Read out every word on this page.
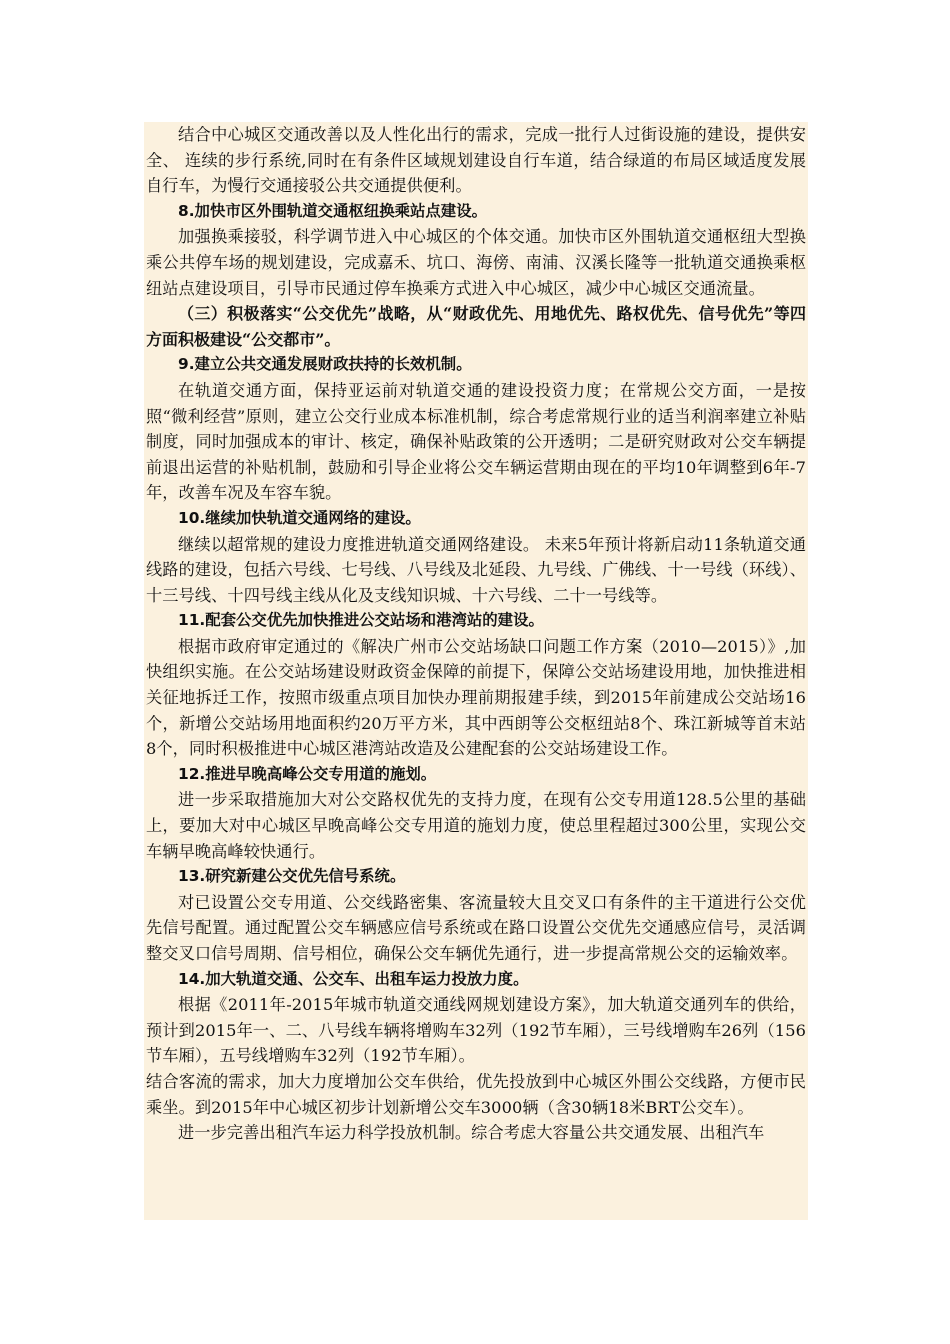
结合中心城区交通改善以及人性化出行的需求，完成一批行人过街设施的建设，提供安全、 连续的步行系统,同时在有条件区域规划建设自行车道，结合绿道的布局区域适度发展自行车，为慢行交通接驳公共交通提供便利。

8.加快市区外围轨道交通枢纽换乘站点建设。

加强换乘接驳，科学调节进入中心城区的个体交通。加快市区外围轨道交通枢纽大型换乘公共停车场的规划建设，完成嘉禾、坑口、海傍、南浦、汉溪长隆等一批轨道交通换乘枢纽站点建设项目，引导市民通过停车换乘方式进入中心城区，减少中心城区交通流量。

（三）积极落实“公交优先”战略，从“财政优先、用地优先、路权优先、信号优先”等四方面积极建设“公交都市”。

9.建立公共交通发展财政扶持的长效机制。

在轨道交通方面，保持亚运前对轨道交通的建设投资力度；在常规公交方面，一是按照“微利经营”原则，建立公交行业成本标准机制，综合考虑常规行业的适当利润率建立补贴制度，同时加强成本的审计、核定，确保补贴政策的公开透明；二是研究财政对公交车辆提前退出运营的补贴机制，鼓励和引导企业将公交车辆运营期由现在的平均10年调整到6年-7年，改善车况及车容车貌。

10.继续加快轨道交通网络的建设。

继续以超常规的建设力度推进轨道交通网络建设。 未来5年预计将新启动11条轨道交通线路的建设，包括六号线、七号线、八号线及北延段、九号线、广佛线、十一号线（环线）、 十三号线、十四号线主线从化及支线知识城、十六号线、二十一号线等。

11.配套公交优先加快推进公交站场和港湾站的建设。

根据市政府审定通过的《解决广州市公交站场缺口问题工作方案（2010—2015）》,加快组织实施。在公交站场建设财政资金保障的前提下，保障公交站场建设用地，加快推进相关征地拆迁工作，按照市级重点项目加快办理前期报建手续，到2015年前建成公交站场16个，新增公交站场用地面积约20万平方米，其中西朗等公交枢纽站8个、珠江新城等首末站8个，同时积极推进中心城区港湾站改造及公建配套的公交站场建设工作。

12.推进早晚高峰公交专用道的施划。

进一步采取措施加大对公交路权优先的支持力度，在现有公交专用道128.5公里的基础上，要加大对中心城区早晚高峰公交专用道的施划力度，使总里程超过300公里，实现公交车辆早晚高峰较快通行。

13.研究新建公交优先信号系统。

对已设置公交专用道、公交线路密集、客流量较大且交叉口有条件的主干道进行公交优先信号配置。通过配置公交车辆感应信号系统或在路口设置公交优先交通感应信号，灵活调整交叉口信号周期、信号相位，确保公交车辆优先通行，进一步提高常规公交的运输效率。

14.加大轨道交通、公交车、出租车运力投放力度。

根据《2011年-2015年城市轨道交通线网规划建设方案》，加大轨道交通列车的供给，预计到2015年一、二、八号线车辆将增购车32列（192节车厢），三号线增购车26列（156节车厢），五号线增购车32列（192节车厢）。

结合客流的需求，加大力度增加公交车供给，优先投放到中心城区外围公交线路，方便市民乘坐。到2015年中心城区初步计划新增公交车3000辆（含30辆18米BRT公交车）。

进一步完善出租汽车运力科学投放机制。综合考虑大容量公共交通发展、出租汽车
